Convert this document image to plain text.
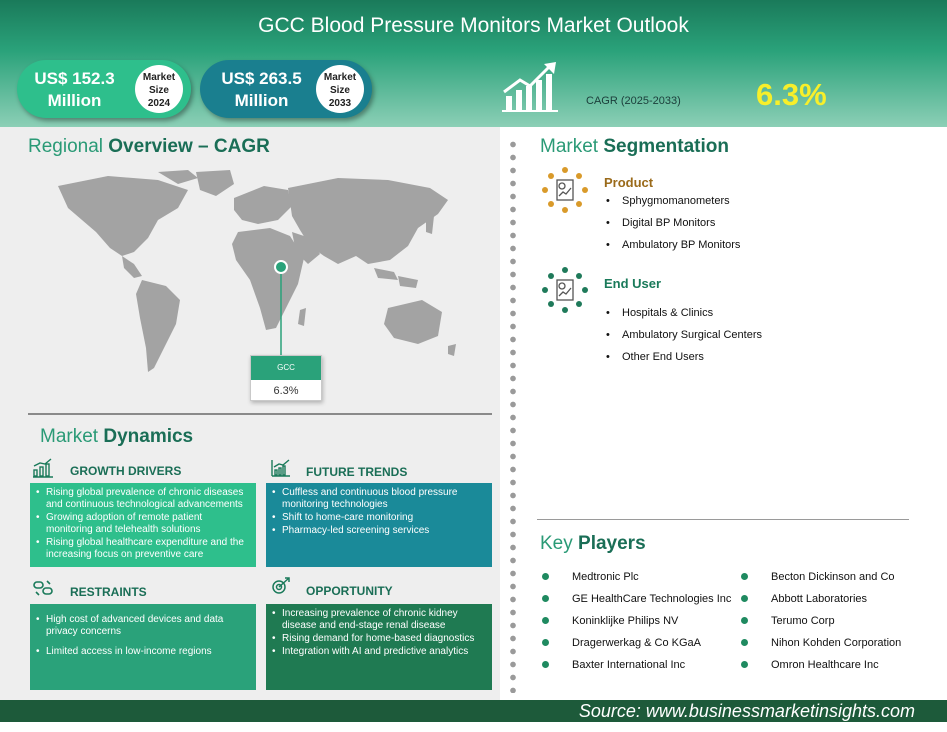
GCC Blood Pressure Monitors Market Outlook
US$ 152.3
Million
Market
Size
2024
US$ 263.5
Million
Market
Size
2033	CAGR (2025-2033) 6.3%
Regional Overview – CAGR
GCC
6.3%
Market Dynamics
GROWTH DRIVERS
• Rising global prevalence of chronic diseases and continuous technological advancements
• Growing adoption of remote patient monitoring and telehealth solutions
• Rising global healthcare expenditure and the increasing focus on preventive care
FUTURE TRENDS
• Cuffless and continuous blood pressure monitoring technologies
• Shift to home-care monitoring
• Pharmacy-led screening services
RESTRAINTS
• High cost of advanced devices and data privacy concerns
• Limited access in low-income regions
OPPORTUNITY
• Increasing prevalence of chronic kidney disease and end-stage renal disease
• Rising demand for home-based diagnostics
• Integration with AI and predictive analytics
Market Segmentation
Product
• Sphygmomanometers
• Digital BP Monitors
• Ambulatory BP Monitors
End User
• Hospitals & Clinics
• Ambulatory Surgical Centers
• Other End Users
Key Players
Medtronic Plc
GE HealthCare Technologies Inc
Koninklijke Philips NV
Dragerwerkag & Co KGaA
Baxter International Inc
Becton Dickinson and Co
Abbott Laboratories
Terumo Corp
Nihon Kohden Corporation
Omron Healthcare Inc
Source: www.businessmarketinsights.com
